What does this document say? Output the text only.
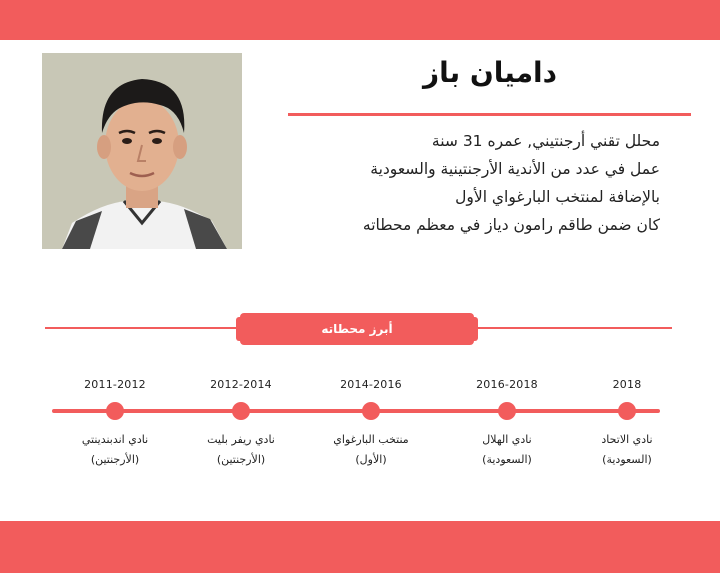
داميان باز
محلل تقني أرجنتيني, عمره 31 سنة
عمل في عدد من الأندية الأرجنتينية والسعودية
بالإضافة لمنتخب البارغواي الأول
كان ضمن طاقم رامون دياز في معظم محطاته
أبرز محطاته
2011-2012
نادي اندبندينتي
(الأرجنتين)
2012-2014
نادي ريفر بليت
(الأرجنتين)
2014-2016
منتخب البارغواي
(الأول)
2016-2018
نادي الهلال
(السعودية)
2018
نادي الاتحاد
(السعودية)
